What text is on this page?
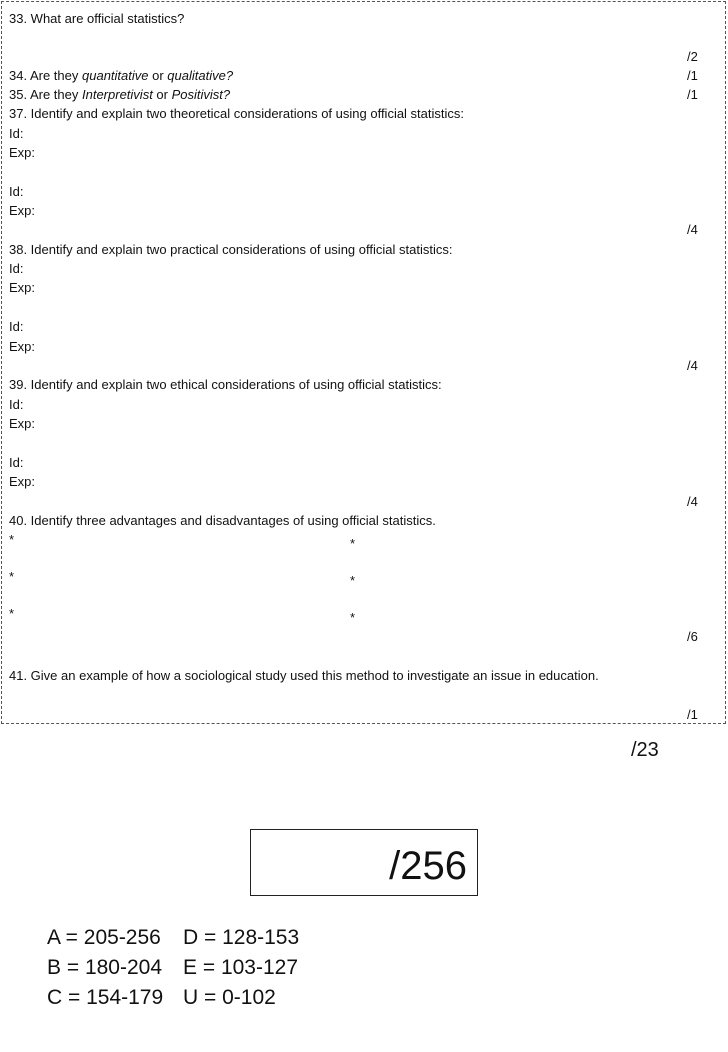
33. What are official statistics?
/2
34. Are they quantitative or qualitative?	/1
35. Are they Interpretivist or Positivist?	/1
37. Identify and explain two theoretical considerations of using official statistics:
Id:
Exp:
Id:
Exp:
/4
38. Identify and explain two practical considerations of using official statistics:
Id:
Exp:
Id:
Exp:
/4
39. Identify and explain two ethical considerations of using official statistics:
Id:
Exp:
Id:
Exp:
/4
40. Identify three advantages and disadvantages of using official statistics.
*	*
*	*
*	*
/6
41. Give an example of how a sociological study used this method to investigate an issue in education.
/1
/23
/256
A = 205-256 D = 128-153
B = 180-204 E = 103-127
C = 154-179 U = 0-102
